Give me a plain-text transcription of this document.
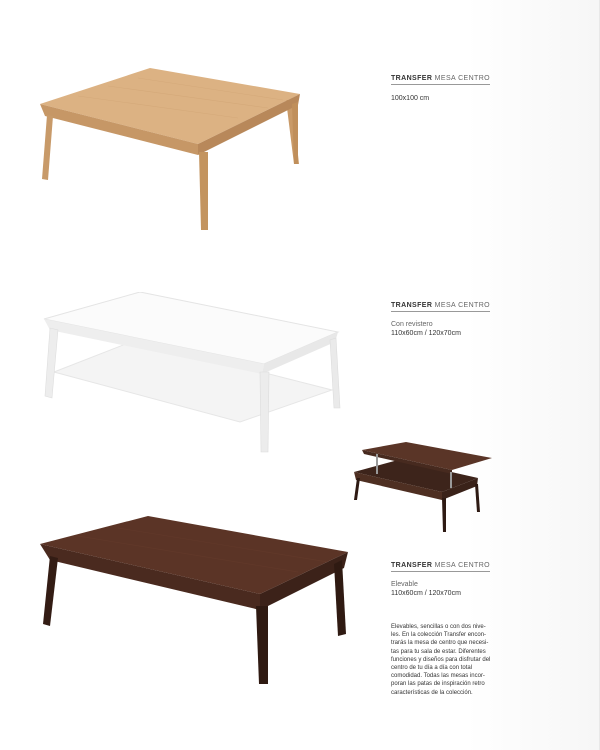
TRANSFER MESA CENTRO
100x100 cm
TRANSFER MESA CENTRO
Con revistero
110x60cm / 120x70cm
TRANSFER MESA CENTRO
Elevable
110x60cm / 120x70cm
Elevables, sencillas o con dos nive-les. En la colección Transfer encon-trarás la mesa de centro que necesi-tas para tu sala de estar. Diferentes funciones y diseños para disfrutar del centro de tu día a día con total comodidad. Todas las mesas incor-poran las patas de inspiración retro características de la colección.
